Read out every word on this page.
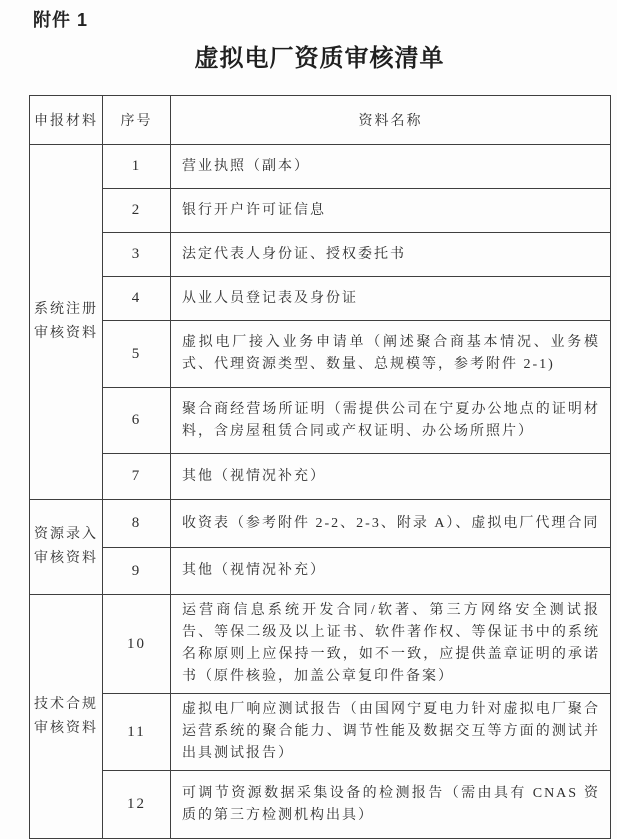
附件 1
虚拟电厂资质审核清单
申报材料	序号	资料名称
系统注册审核资料	1	营业执照（副本）
	2	银行开户许可证信息
	3	法定代表人身份证、授权委托书
	4	从业人员登记表及身份证
	5	虚拟电厂接入业务申请单（阐述聚合商基本情况、业务模式、代理资源类型、数量、总规模等，参考附件 2-1)
	6	聚合商经营场所证明（需提供公司在宁夏办公地点的证明材料，含房屋租赁合同或产权证明、办公场所照片）
	7	其他（视情况补充）
资源录入审核资料	8	收资表（参考附件 2-2、2-3、附录 A）、虚拟电厂代理合同
	9	其他（视情况补充）
技术合规审核资料	10	运营商信息系统开发合同/软著、第三方网络安全测试报告、等保二级及以上证书、软件著作权、等保证书中的系统名称原则上应保持一致，如不一致，应提供盖章证明的承诺书（原件核验，加盖公章复印件备案）
	11	虚拟电厂响应测试报告（由国网宁夏电力针对虚拟电厂聚合运营系统的聚合能力、调节性能及数据交互等方面的测试并出具测试报告）
	12	可调节资源数据采集设备的检测报告（需由具有 CNAS 资质的第三方检测机构出具）
